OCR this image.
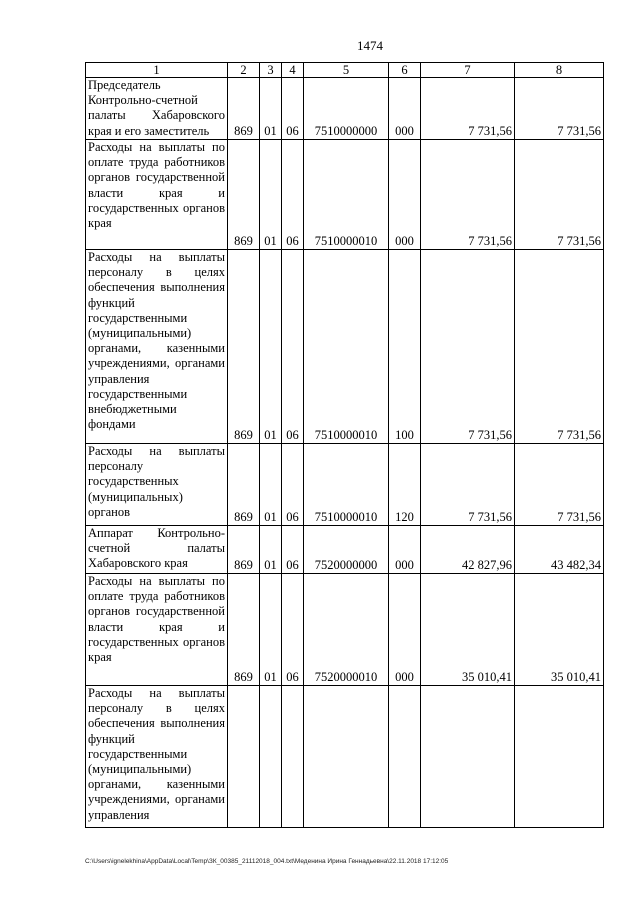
1474
1	2	3	4	5	6	7	8
Председатель Контрольно-счетной палаты Хабаровского края и его заместитель	869	01	06	7510000000	000	7 731,56	7 731,56
Расходы на выплаты по оплате труда работников органов государственной власти края и государственных органов края	869	01	06	7510000010	000	7 731,56	7 731,56
Расходы на выплаты персоналу в целях обеспечения выполнения функций государственными (муниципальными) органами, казенными учреждениями, органами управления государственными внебюджетными фондами	869	01	06	7510000010	100	7 731,56	7 731,56
Расходы на выплаты персоналу государственных (муниципальных) органов	869	01	06	7510000010	120	7 731,56	7 731,56
Аппарат Контрольно-счетной палаты Хабаровского края	869	01	06	7520000000	000	42 827,96	43 482,34
Расходы на выплаты по оплате труда работников органов государственной власти края и государственных органов края	869	01	06	7520000010	000	35 010,41	35 010,41
Расходы на выплаты персоналу в целях обеспечения выполнения функций государственными (муниципальными) органами, казенными учреждениями, органами управления							
C:\Users\ignelekhina\AppData\Local\Temp\ЗК_00385_21112018_004.txt\Меденина Ирина Геннадьевна\22.11.2018 17:12:05
